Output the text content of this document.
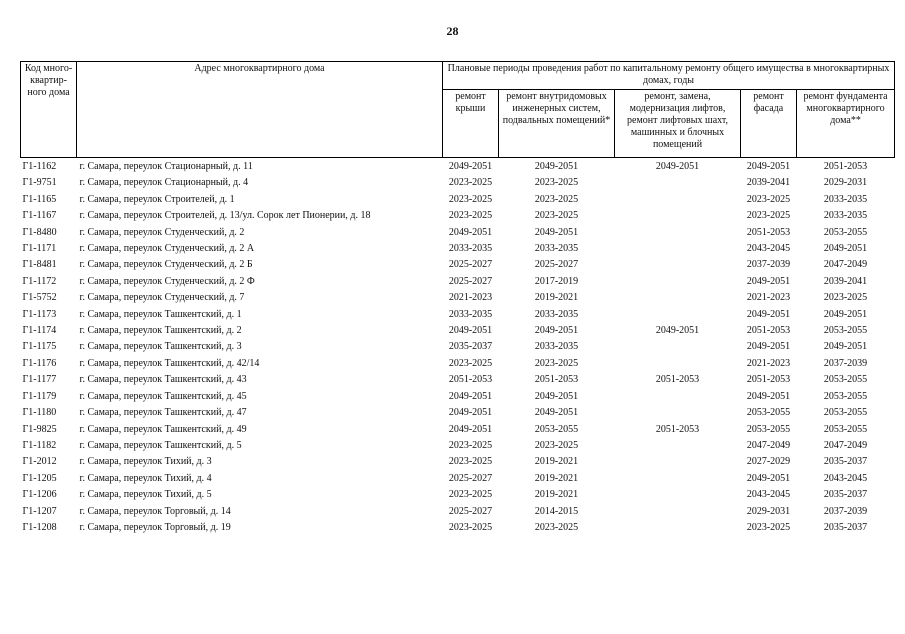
28
Код много-квартир-ного дома	Адрес многоквартирного дома	Плановые периоды проведения работ по капитальному ремонту общего имущества в многоквартирных домах, годы				
		ремонт крыши	ремонт внутридомовых инженерных систем, подвальных помещений*	ремонт, замена, модернизация лифтов, ремонт лифтовых шахт, машинных и блочных помещений	ремонт фасада	ремонт фундамента многоквартирного дома**
Г1-1162	г. Самара, переулок Стационарный, д. 11	2049-2051	2049-2051	2049-2051	2049-2051	2051-2053
Г1-9751	г. Самара, переулок Стационарный, д. 4	2023-2025	2023-2025		2039-2041	2029-2031
Г1-1165	г. Самара, переулок Строителей, д. 1	2023-2025	2023-2025		2023-2025	2033-2035
Г1-1167	г. Самара, переулок Строителей, д. 13/ул. Сорок лет Пионерии, д. 18	2023-2025	2023-2025		2023-2025	2033-2035
Г1-8480	г. Самара, переулок Студенческий, д. 2	2049-2051	2049-2051		2051-2053	2053-2055
Г1-1171	г. Самара, переулок Студенческий, д. 2 А	2033-2035	2033-2035		2043-2045	2049-2051
Г1-8481	г. Самара, переулок Студенческий, д. 2 Б	2025-2027	2025-2027		2037-2039	2047-2049
Г1-1172	г. Самара, переулок Студенческий, д. 2 Ф	2025-2027	2017-2019		2049-2051	2039-2041
Г1-5752	г. Самара, переулок Студенческий, д. 7	2021-2023	2019-2021		2021-2023	2023-2025
Г1-1173	г. Самара, переулок Ташкентский, д. 1	2033-2035	2033-2035		2049-2051	2049-2051
Г1-1174	г. Самара, переулок Ташкентский, д. 2	2049-2051	2049-2051	2049-2051	2051-2053	2053-2055
Г1-1175	г. Самара, переулок Ташкентский, д. 3	2035-2037	2033-2035		2049-2051	2049-2051
Г1-1176	г. Самара, переулок Ташкентский, д. 42/14	2023-2025	2023-2025		2021-2023	2037-2039
Г1-1177	г. Самара, переулок Ташкентский, д. 43	2051-2053	2051-2053	2051-2053	2051-2053	2053-2055
Г1-1179	г. Самара, переулок Ташкентский, д. 45	2049-2051	2049-2051		2049-2051	2053-2055
Г1-1180	г. Самара, переулок Ташкентский, д. 47	2049-2051	2049-2051		2053-2055	2053-2055
Г1-9825	г. Самара, переулок Ташкентский, д. 49	2049-2051	2053-2055	2051-2053	2053-2055	2053-2055
Г1-1182	г. Самара, переулок Ташкентский, д. 5	2023-2025	2023-2025		2047-2049	2047-2049
Г1-2012	г. Самара, переулок Тихий, д. 3	2023-2025	2019-2021		2027-2029	2035-2037
Г1-1205	г. Самара, переулок Тихий, д. 4	2025-2027	2019-2021		2049-2051	2043-2045
Г1-1206	г. Самара, переулок Тихий, д. 5	2023-2025	2019-2021		2043-2045	2035-2037
Г1-1207	г. Самара, переулок Торговый, д. 14	2025-2027	2014-2015		2029-2031	2037-2039
Г1-1208	г. Самара, переулок Торговый, д. 19	2023-2025	2023-2025		2023-2025	2035-2037
